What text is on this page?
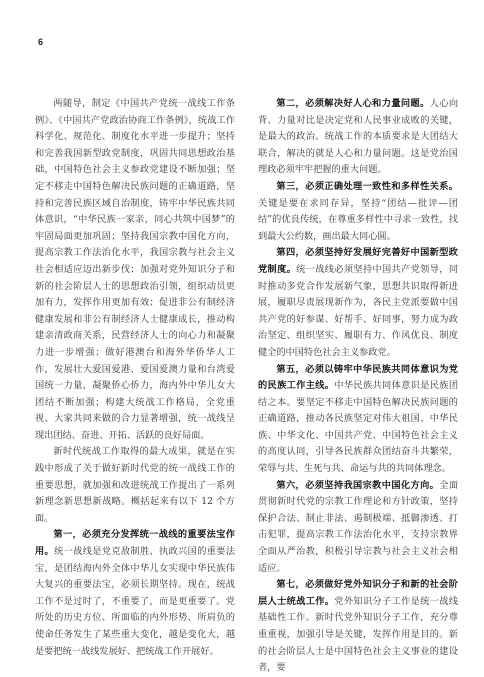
6

两随导，制定《中国共产党统一战线工作条例》、《中国共产党政治协商工作条例》，统战工作科学化、规范化、制度化水平进一步提升；坚持和完善我国新型政党制度，巩固共同思想政治基础，中国特色社会主义参政党建设不断加强；坚定不移走中国特色解决民族问题的正确道路，坚持和完善民族区域自治制度，铸牢中华民族共同体意识，“中华民族一家亲，同心共筑中国梦”的牢固局面更加巩固；坚持我国宗教中国化方向，提高宗教工作法治化水平，我国宗教与社会主义社会相适应迈出新步伐；加强对党外知识分子和新的社会阶层人士的思想政治引领，组织动员更加有力，发挥作用更加有效；促进非公有制经济健康发展和非公有制经济人士健康成长，推动构建亲清政商关系，民营经济人士的向心力和凝聚力进一步增强；做好港澳台和海外华侨华人工作，发展壮大爱国爱港、爱国爱澳力量和台湾爱国统一力量，凝聚侨心侨力，海内外中华儿女大团结不断加强；构建大统战工作格局，全党重视、大家共同来做的合力显著增强，统一战线呈现出团结、奋进、开拓、活跃的良好局面。

新时代统战工作取得的最大成果，就是在实践中形成了关于做好新时代党的统一战线工作的重要思想，就加强和改进统战工作提出了一系列新理念新思想新战略。概括起来有以下 12 个方面。

第一，必须充分发挥统一战线的重要法宝作用。统一战线是党克敌制胜、执政兴国的重要法宝，是团结海内外全体中华儿女实现中华民族伟大复兴的重要法宝，必须长期坚持。现在，统战工作不是过时了，不重要了，而是更重要了。党所处的历史方位、所面临的内外形势、所肩负的使命任务发生了某些重大变化，越是变化大，越是要把统一战线发展好、把统战工作开展好。

第二，必须解决好人心和力量问题。人心向背、力量对比是决定党和人民事业成败的关键，是最大的政治。统战工作的本质要求是大团结大联合，解决的就是人心和力量问题。这是党治国理政必须牢牢把握的重大问题。

第三，必须正确处理一致性和多样性关系。关键是要在求同存异，坚持“团结—批评—团结”的优良传统，在尊重多样性中寻求一致性，找到最大公约数，画出最大同心圆。

第四，必须坚持好发展好完善好中国新型政党制度。统一战线必须坚持中国共产党领导，同时推动多党合作发展新气象，思想共识取得新进展，履职尽责展现新作为，各民主党派要做中国共产党的好参谋、好帮手、好同事，努力成为政治坚定、组织坚实、履职有力、作风优良、制度健全的中国特色社会主义参政党。

第五，必须以铸牢中华民族共同体意识为党的民族工作主线。中华民族共同体意识是民族团结之本。要坚定不移走中国特色解决民族问题的正确道路，推动各民族坚定对伟大祖国、中华民族、中华文化、中国共产党、中国特色社会主义的高度认同，引导各民族群众团结奋斗共繁荣，荣辱与共、生死与共、命运与共的共同体理念。

第六，必须坚持我国宗教中国化方向。全面贯彻新时代党的宗教工作理论和方针政策，坚持保护合法、制止非法、遏制极端、抵御渗透、打击犯罪，提高宗教工作法治化水平，支持宗教界全面从严治教，积极引导宗教与社会主义社会相适应。

第七，必须做好党外知识分子和新的社会阶层人士统战工作。党外知识分子工作是统一战线基础性工作。新时代党外知识分子工作，充分尊重重视，加强引导是关键，发挥作用是目的。新的社会阶层人士是中国特色社会主义事业的建设者，要
